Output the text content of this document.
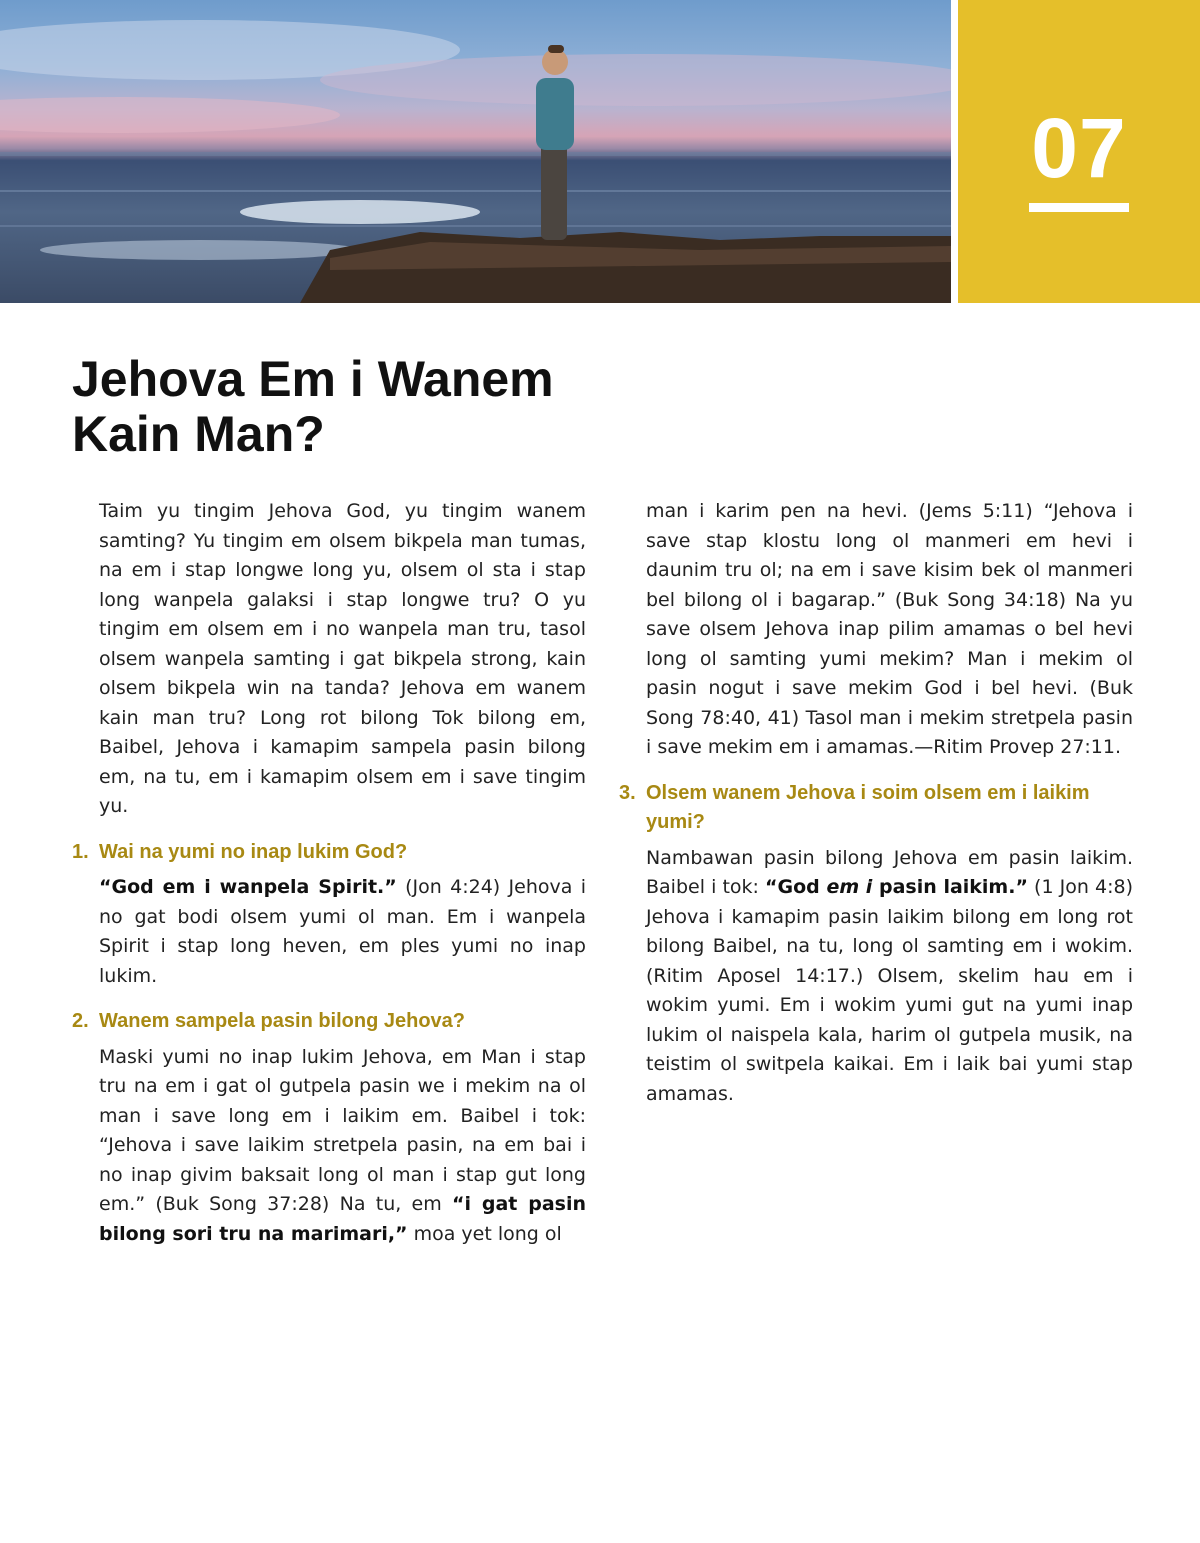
07
Jehova Em i Wanem
Kain Man?

Taim yu tingim Jehova God, yu tingim wanem samting? Yu tingim em olsem bikpela man tumas, na em i stap longwe long yu, olsem ol sta i stap long wanpela galaksi i stap longwe tru? O yu tingim em olsem em i no wanpela man tru, tasol olsem wanpela samting i gat bikpela strong, kain olsem bikpela win na tanda? Jehova em wanem kain man tru? Long rot bilong Tok bilong em, Baibel, Jehova i kamapim sampela pasin bilong em, na tu, em i kamapim olsem em i save tingim yu.

1. Wai na yumi no inap lukim God?

“God em i wanpela Spirit.” (Jon 4:24) Jehova i no gat bodi olsem yumi ol man. Em i wanpela Spirit i stap long heven, em ples yumi no inap lukim.

2. Wanem sampela pasin bilong Jehova?

Maski yumi no inap lukim Jehova, em Man i stap tru na em i gat ol gutpela pasin we i mekim na ol man i save long em i laikim em. Baibel i tok: “Jehova i save laikim stretpela pasin, na em bai i no inap givim baksait long ol man i stap gut long em.” (Buk Song 37:28) Na tu, em “i gat pasin bilong sori tru na marimari,” moa yet long ol

man i karim pen na hevi. (Jems 5:11) “Jehova i save stap klostu long ol manmeri em hevi i daunim tru ol; na em i save kisim bek ol manmeri bel bilong ol i bagarap.” (Buk Song 34:18) Na yu save olsem Jehova inap pilim amamas o bel hevi long ol samting yumi mekim? Man i mekim ol pasin nogut i save mekim God i bel hevi. (Buk Song 78:40, 41) Tasol man i mekim stretpela pasin i save mekim em i amamas.—Ritim Provep 27:11.

3. Olsem wanem Jehova i soim olsem em i laikim yumi?

Nambawan pasin bilong Jehova em pasin laikim. Baibel i tok: “God em i pasin laikim.” (1 Jon 4:8) Jehova i kamapim pasin laikim bilong em long rot bilong Baibel, na tu, long ol samting em i wokim. (Ritim Aposel 14:17.) Olsem, skelim hau em i wokim yumi. Em i wokim yumi gut na yumi inap lukim ol naispela kala, harim ol gutpela musik, na teistim ol switpela kaikai. Em i laik bai yumi stap amamas.
